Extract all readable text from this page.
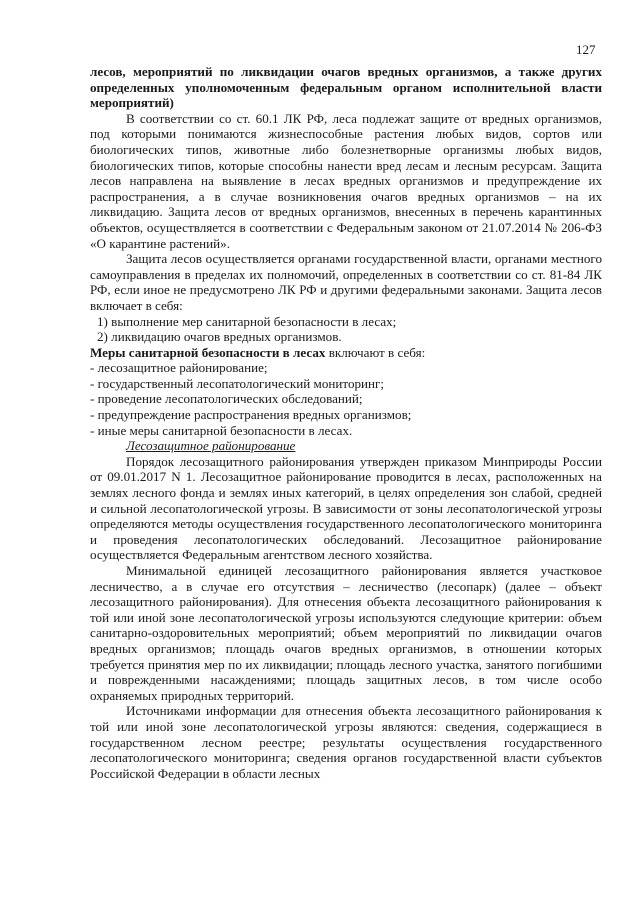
127

лесов, мероприятий по ликвидации очагов вредных организмов, а также других определенных уполномоченным федеральным органом исполнительной власти мероприятий)

В соответствии со ст. 60.1 ЛК РФ, леса подлежат защите от вредных организмов, под которыми понимаются жизнеспособные растения любых видов, сортов или биологических типов, животные либо болезнетворные организмы любых видов, биологических типов, которые способны нанести вред лесам и лесным ресурсам. Защита лесов направлена на выявление в лесах вредных организмов и предупреждение их распространения, а в случае возникновения очагов вредных организмов – на их ликвидацию. Защита лесов от вредных организмов, внесенных в перечень карантинных объектов, осуществляется в соответствии с Федеральным законом от 21.07.2014 № 206-ФЗ «О карантине растений».

Защита лесов осуществляется органами государственной власти, органами местного самоуправления в пределах их полномочий, определенных в соответствии со ст. 81-84 ЛК РФ, если иное не предусмотрено ЛК РФ и другими федеральными законами. Защита лесов включает в себя:

1) выполнение мер санитарной безопасности в лесах;

2) ликвидацию очагов вредных организмов.

Меры санитарной безопасности в лесах включают в себя:

- лесозащитное районирование;

- государственный лесопатологический мониторинг;

- проведение лесопатологических обследований;

- предупреждение распространения вредных организмов;

- иные меры санитарной безопасности в лесах.

Лесозащитное районирование

Порядок лесозащитного районирования утвержден приказом Минприроды России от 09.01.2017 N 1. Лесозащитное районирование проводится в лесах, расположенных на землях лесного фонда и землях иных категорий, в целях определения зон слабой, средней и сильной лесопатологической угрозы. В зависимости от зоны лесопатологической угрозы определяются методы осуществления государственного лесопатологического мониторинга и проведения лесопатологических обследований. Лесозащитное районирование осуществляется Федеральным агентством лесного хозяйства.

Минимальной единицей лесозащитного районирования является участковое лесничество, а в случае его отсутствия – лесничество (лесопарк) (далее – объект лесозащитного районирования). Для отнесения объекта лесозащитного районирования к той или иной зоне лесопатологической угрозы используются следующие критерии: объем санитарно-оздоровительных мероприятий; объем мероприятий по ликвидации очагов вредных организмов; площадь очагов вредных организмов, в отношении которых требуется принятия мер по их ликвидации; площадь лесного участка, занятого погибшими и поврежденными насаждениями; площадь защитных лесов, в том числе особо охраняемых природных территорий.

Источниками информации для отнесения объекта лесозащитного районирования к той или иной зоне лесопатологической угрозы являются: сведения, содержащиеся в государственном лесном реестре; результаты осуществления государственного лесопатологического мониторинга; сведения органов государственной власти субъектов Российской Федерации в области лесных
